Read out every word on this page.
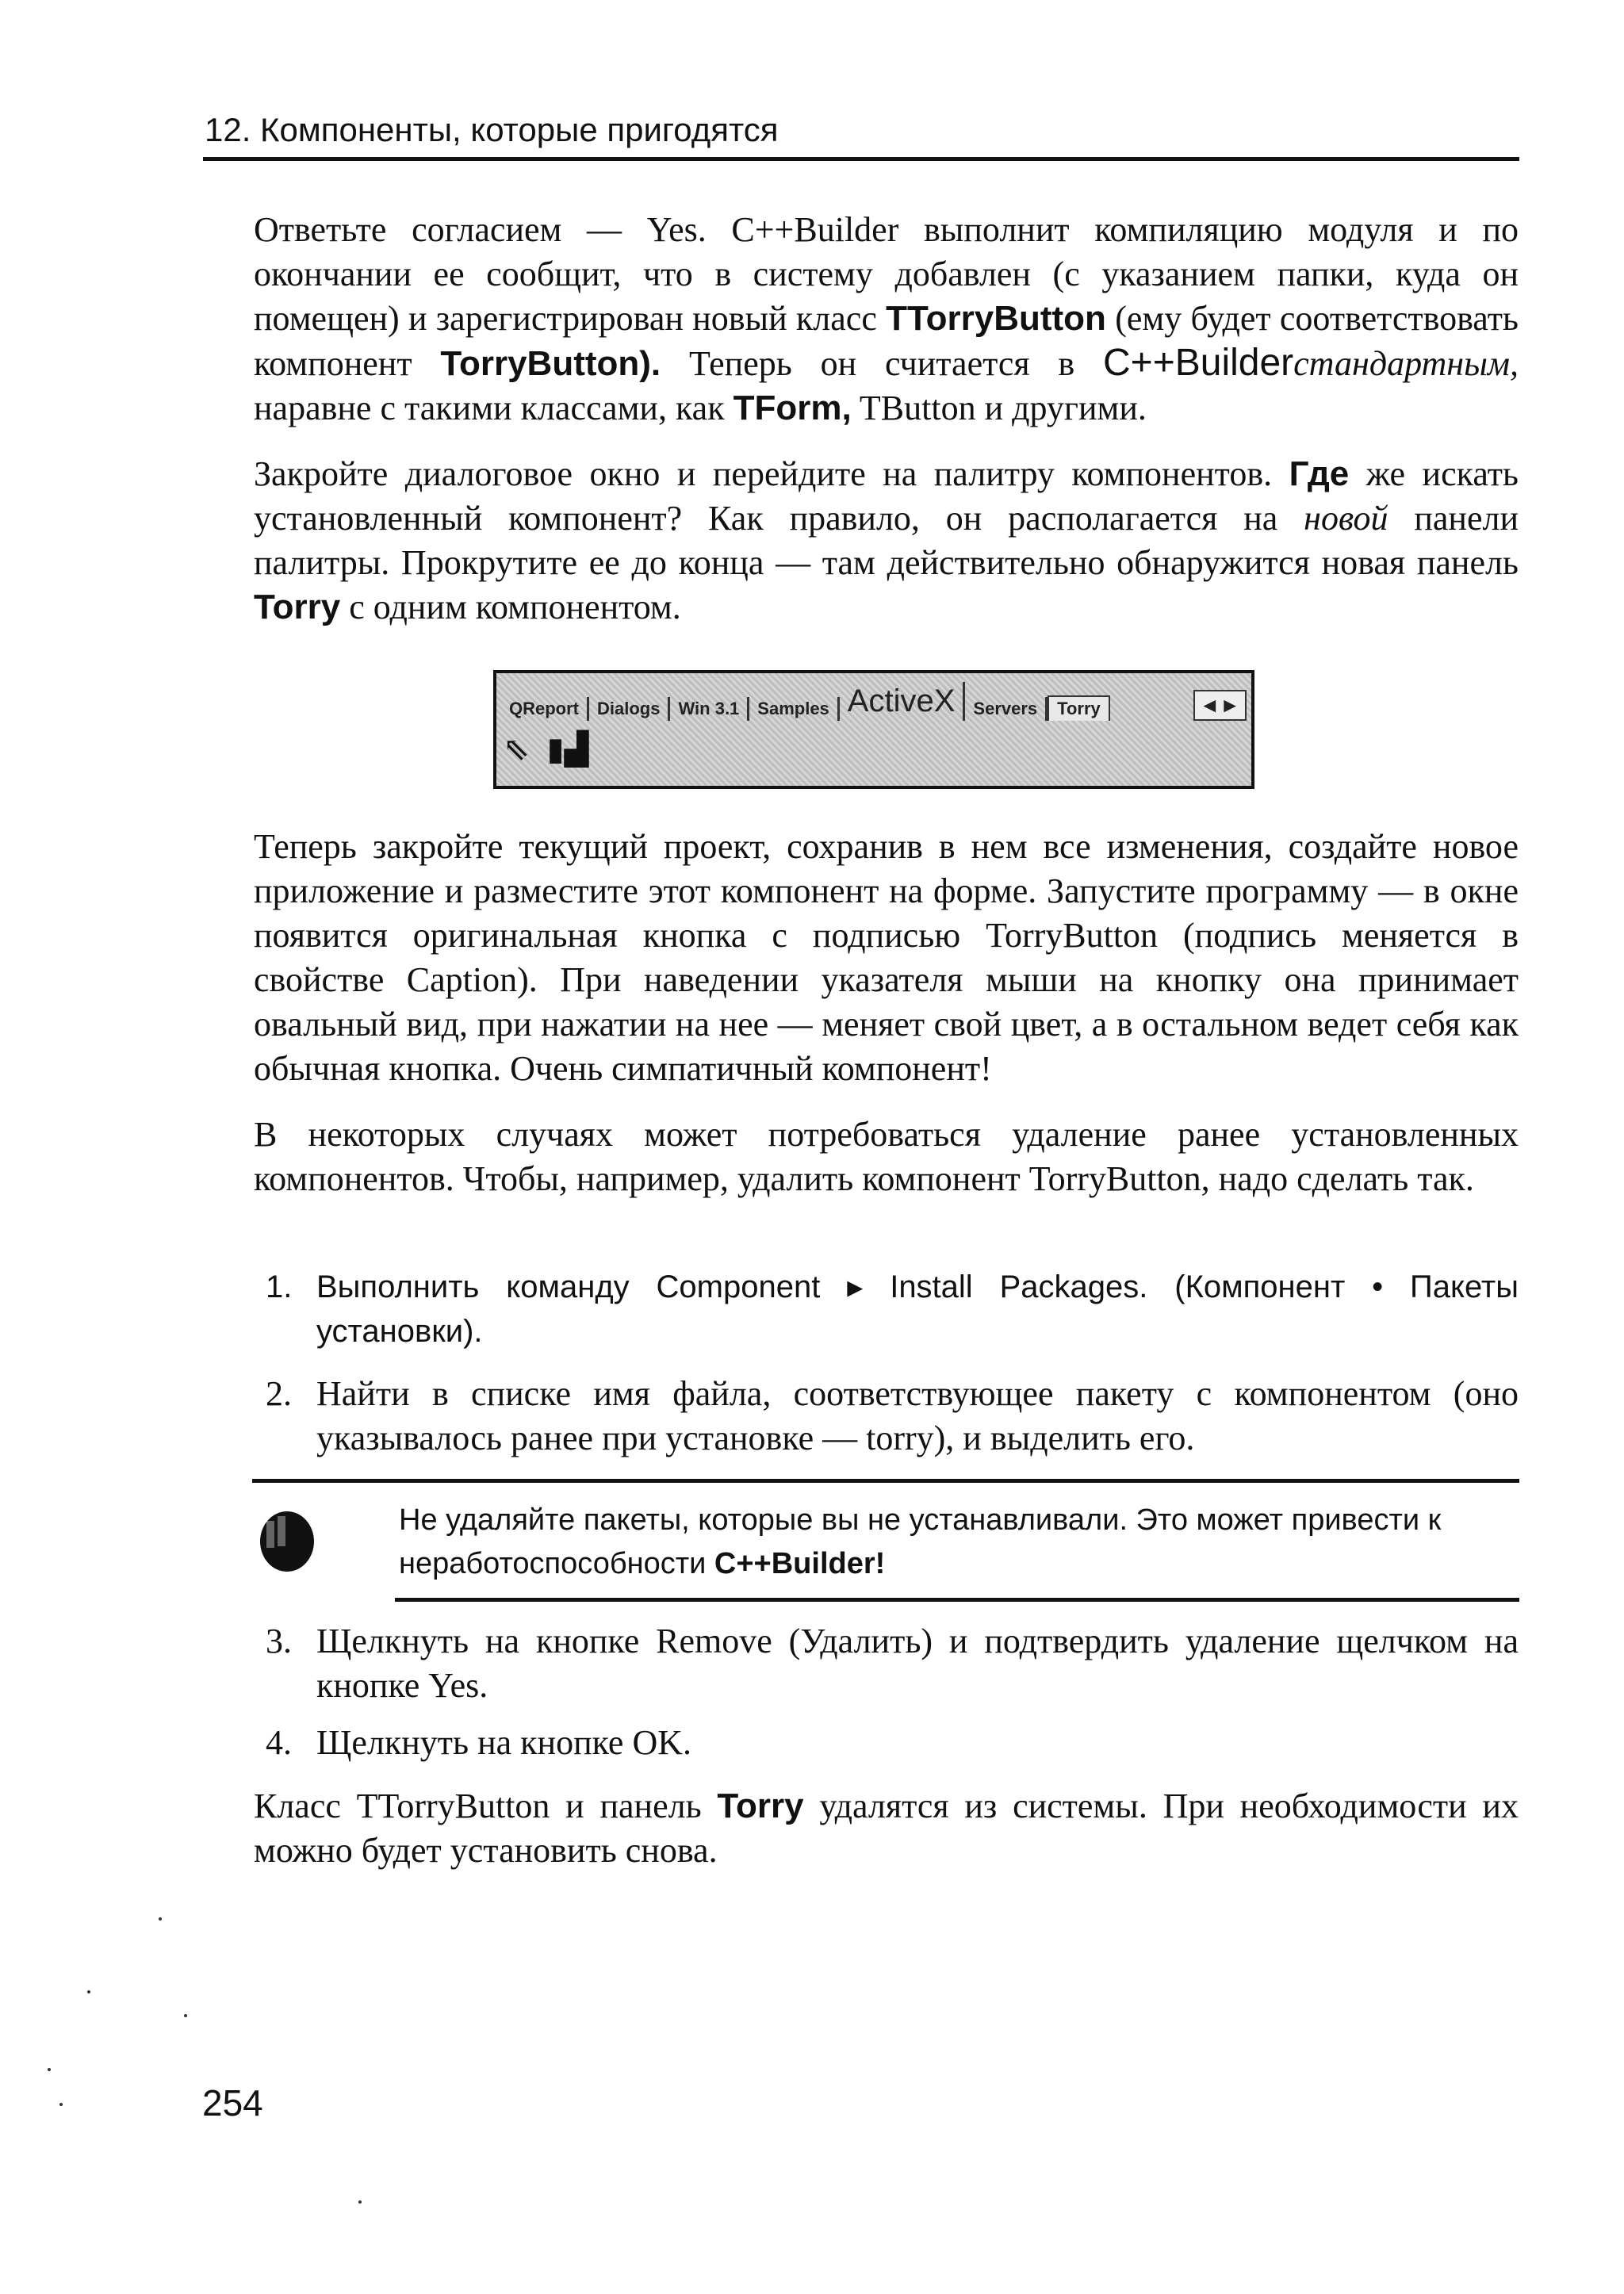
12. Компоненты, которые пригодятся

Ответьте согласием — Yes. C++Builder выполнит компиляцию модуля и по окончании ее сообщит, что в систему добавлен (с указанием папки, куда он помещен) и зарегистрирован новый класс TTorryButton (ему будет соответствовать компонент TorryButton). Теперь он считается в C++Builderстандартным, наравне с такими классами, как TForm, TButton и другими.

Закройте диалоговое окно и перейдите на палитру компонентов. Где же искать установленный компонент? Как правило, он располагается на новой панели палитры. Прокрутите ее до конца — там действительно обнаружится новая панель Torry с одним компонентом.

QReport	Dialogs	Win 3.1	Samples ActiveX	Servers	Torry	◄►
⇖ ▮▟

Теперь закройте текущий проект, сохранив в нем все изменения, создайте новое приложение и разместите этот компонент на форме. Запустите программу — в окне появится оригинальная кнопка с подписью TorryButton (подпись меняется в свойстве Caption). При наведении указателя мыши на кнопку она принимает овальный вид, при нажатии на нее — меняет свой цвет, а в остальном ведет себя как обычная кнопка. Очень симпатичный компонент!

В некоторых случаях может потребоваться удаление ранее установленных компонентов. Чтобы, например, удалить компонент TorryButton, надо сделать так.

1. Выполнить команду Component ▸ Install Packages. (Компонент • Пакеты установки).
2. Найти в списке имя файла, соответствующее пакету с компонентом (оно указывалось ранее при установке — torry), и выделить его.
Не удаляйте пакеты, которые вы не устанавливали. Это может привести к неработоспособности C++Builder!
3. Щелкнуть на кнопке Remove (Удалить) и подтвердить удаление щелчком на кнопке Yes.
4. Щелкнуть на кнопке OK.

Класс TTorryButton и панель Torry удалятся из системы. При необходимости их можно будет установить снова.

254
